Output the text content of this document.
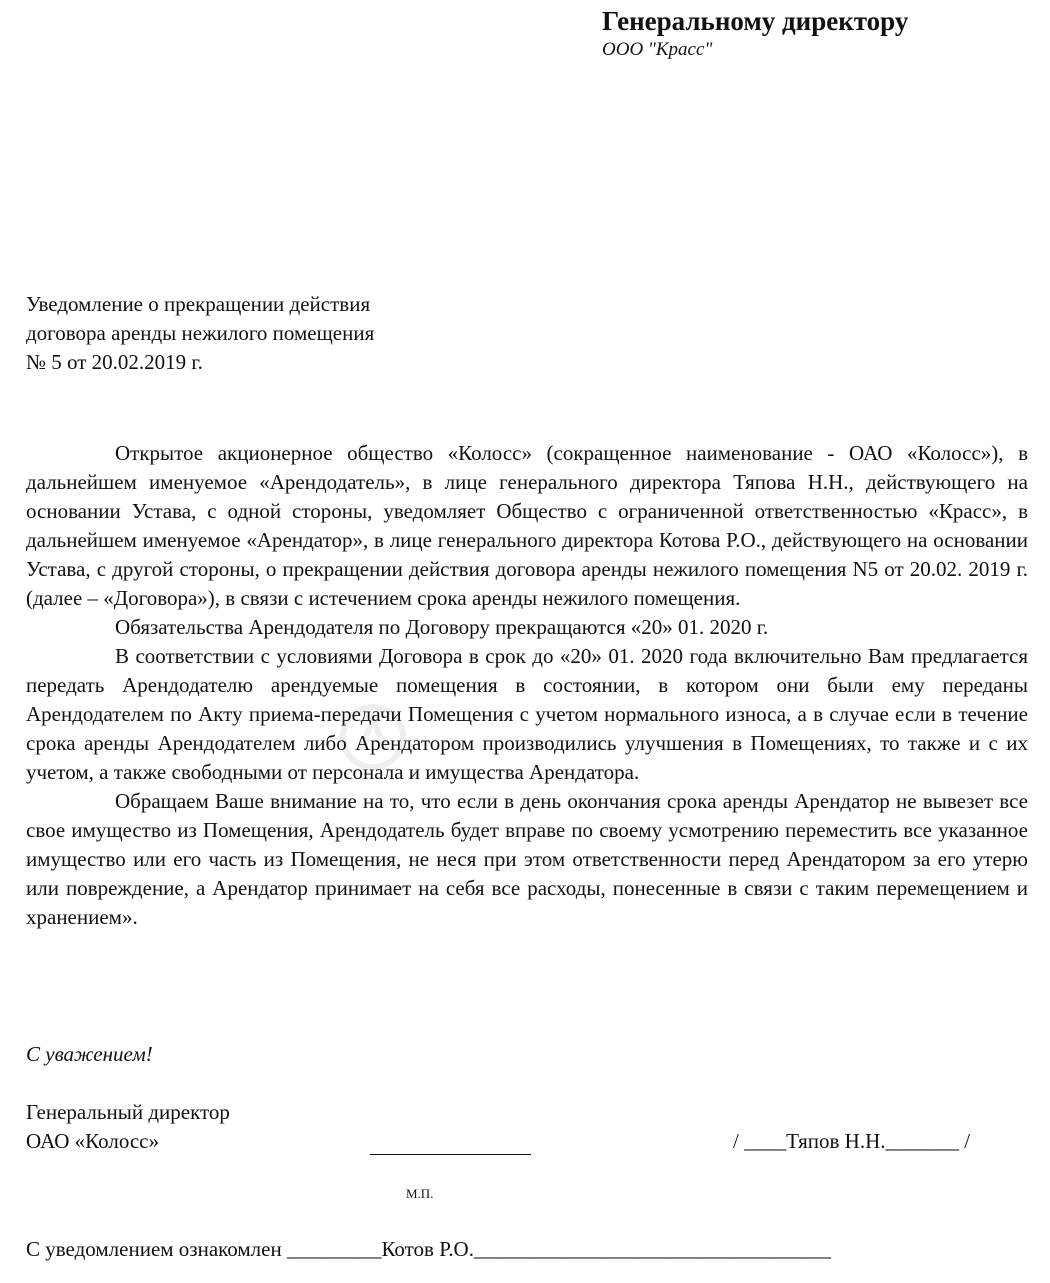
Генеральному директору
ООО "Красс"
Уведомление о прекращении действия
договора аренды нежилого помещения
№ 5 от 20.02.2019 г.

Открытое акционерное общество «Колосс» (сокращенное наименование - ОАО «Колосс»), в дальнейшем именуемое «Арендодатель», в лице генерального директора Тяпова Н.Н., действующего на основании Устава, с одной стороны, уведомляет Общество с ограниченной ответственностью «Красс», в дальнейшем именуемое «Арендатор», в лице генерального директора Котова Р.О., действующего на основании Устава, с другой стороны, о прекращении действия договора аренды нежилого помещения N5 от 20.02. 2019 г. (далее – «Договора»), в связи с истечением срока аренды нежилого помещения.

Обязательства Арендодателя по Договору прекращаются «20» 01. 2020 г.

В соответствии с условиями Договора в срок до «20» 01. 2020 года включительно Вам предлагается передать Арендодателю арендуемые помещения в состоянии, в котором они были ему переданы Арендодателем по Акту приема-передачи Помещения с учетом нормального износа, а в случае если в течение срока аренды Арендодателем либо Арендатором производились улучшения в Помещениях, то также и с их учетом, а также свободными от персонала и имущества Арендатора.

Обращаем Ваше внимание на то, что если в день окончания срока аренды Арендатор не вывезет все свое имущество из Помещения, Арендодатель будет вправе по своему усмотрению переместить все указанное имущество или его часть из Помещения, не неся при этом ответственности перед Арендатором за его утерю или повреждение, а Арендатор принимает на себя все расходы, понесенные в связи с таким перемещением и хранением».

С уважением!
Генеральный директор
ОАО «Колосс»	/ ____Тяпов Н.Н._______ /
М.П.
С уведомлением ознакомлен _________Котов Р.О.__________________________________
